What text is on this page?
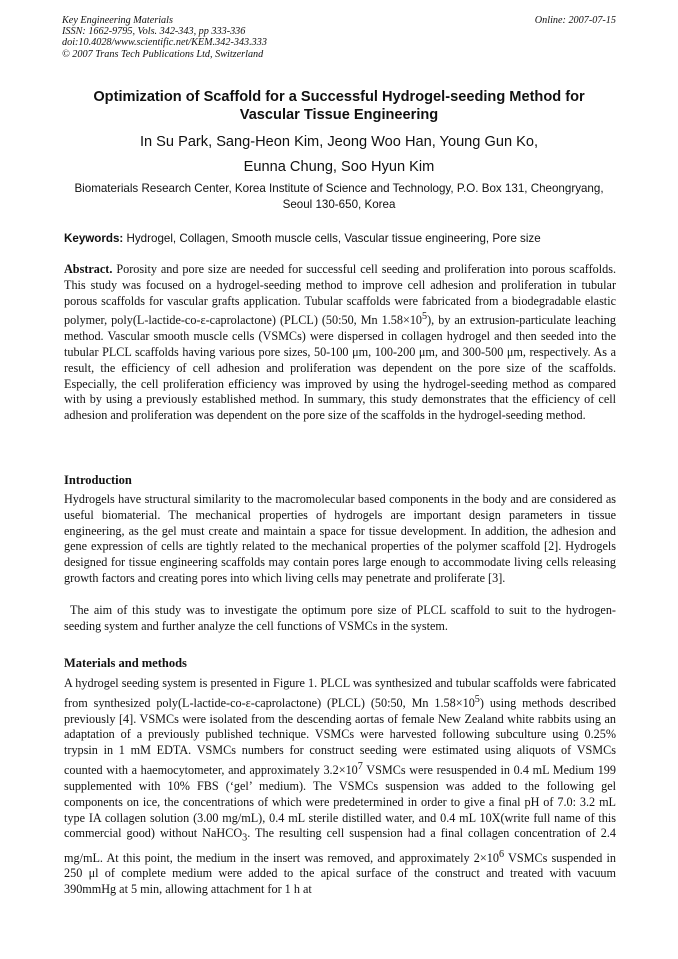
Key Engineering Materials
ISSN: 1662-9795, Vols. 342-343, pp 333-336
doi:10.4028/www.scientific.net/KEM.342-343.333
© 2007 Trans Tech Publications Ltd, Switzerland
Online: 2007-07-15
Optimization of Scaffold for a Successful Hydrogel-seeding Method for Vascular Tissue Engineering
In Su Park, Sang-Heon Kim, Jeong Woo Han, Young Gun Ko,
Eunna Chung, Soo Hyun Kim
Biomaterials Research Center, Korea Institute of Science and Technology, P.O. Box 131, Cheongryang, Seoul 130-650, Korea
Keywords: Hydrogel, Collagen, Smooth muscle cells, Vascular tissue engineering, Pore size
Abstract. Porosity and pore size are needed for successful cell seeding and proliferation into porous scaffolds. This study was focused on a hydrogel-seeding method to improve cell adhesion and proliferation in tubular porous scaffolds for vascular grafts application. Tubular scaffolds were fabricated from a biodegradable elastic polymer, poly(L-lactide-co-ε-caprolactone) (PLCL) (50:50, Mn $1.58\times 10^5$), by an extrusion-particulate leaching method. Vascular smooth muscle cells (VSMCs) were dispersed in collagen hydrogel and then seeded into the tubular PLCL scaffolds having various pore sizes, 50-100 μm, 100-200 μm, and 300-500 μm, respectively. As a result, the efficiency of cell adhesion and proliferation was dependent on the pore size of the scaffolds. Especially, the cell proliferation efficiency was improved by using the hydrogel-seeding method as compared with by using a previously established method. In summary, this study demonstrates that the efficiency of cell adhesion and proliferation was dependent on the pore size of the scaffolds in the hydrogel-seeding method.
Introduction
Hydrogels have structural similarity to the macromolecular based components in the body and are considered as useful biomaterial. The mechanical properties of hydrogels are important design parameters in tissue engineering, as the gel must create and maintain a space for tissue development. In addition, the adhesion and gene expression of cells are tightly related to the mechanical properties of the polymer scaffold [2]. Hydrogels designed for tissue engineering scaffolds may contain pores large enough to accommodate living cells releasing growth factors and creating pores into which living cells may penetrate and proliferate [3].
The aim of this study was to investigate the optimum pore size of PLCL scaffold to suit to the hydrogen-seeding system and further analyze the cell functions of VSMCs in the system.
Materials and methods
A hydrogel seeding system is presented in Figure 1. PLCL was synthesized and tubular scaffolds were fabricated from synthesized poly(L-lactide-co-ε-caprolactone) (PLCL) (50:50, Mn $1.58\times 10^5$) using methods described previously [4]. VSMCs were isolated from the descending aortas of female New Zealand white rabbits using an adaptation of a previously published technique. VSMCs were harvested following subculture using 0.25% trypsin in 1 mM EDTA. VSMCs numbers for construct seeding were estimated using aliquots of VSMCs counted with a haemocytometer, and approximately $3.2\times 10^7$ VSMCs were resuspended in 0.4 mL Medium 199 supplemented with 10% FBS (‘gel’ medium). The VSMCs suspension was added to the following gel components on ice, the concentrations of which were predetermined in order to give a final pH of 7.0: 3.2 mL type IA collagen solution (3.00 mg/mL), 0.4 mL sterile distilled water, and 0.4 mL 10X(write full name of this commercial good) without NaHCO$_3$. The resulting cell suspension had a final collagen concentration of 2.4 mg/mL. At this point, the medium in the insert was removed, and approximately $2\times 10^6$ VSMCs suspended in 250 μl of complete medium were added to the apical surface of the construct and treated with vacuum 390mmHg at 5 min, allowing attachment for 1 h at
